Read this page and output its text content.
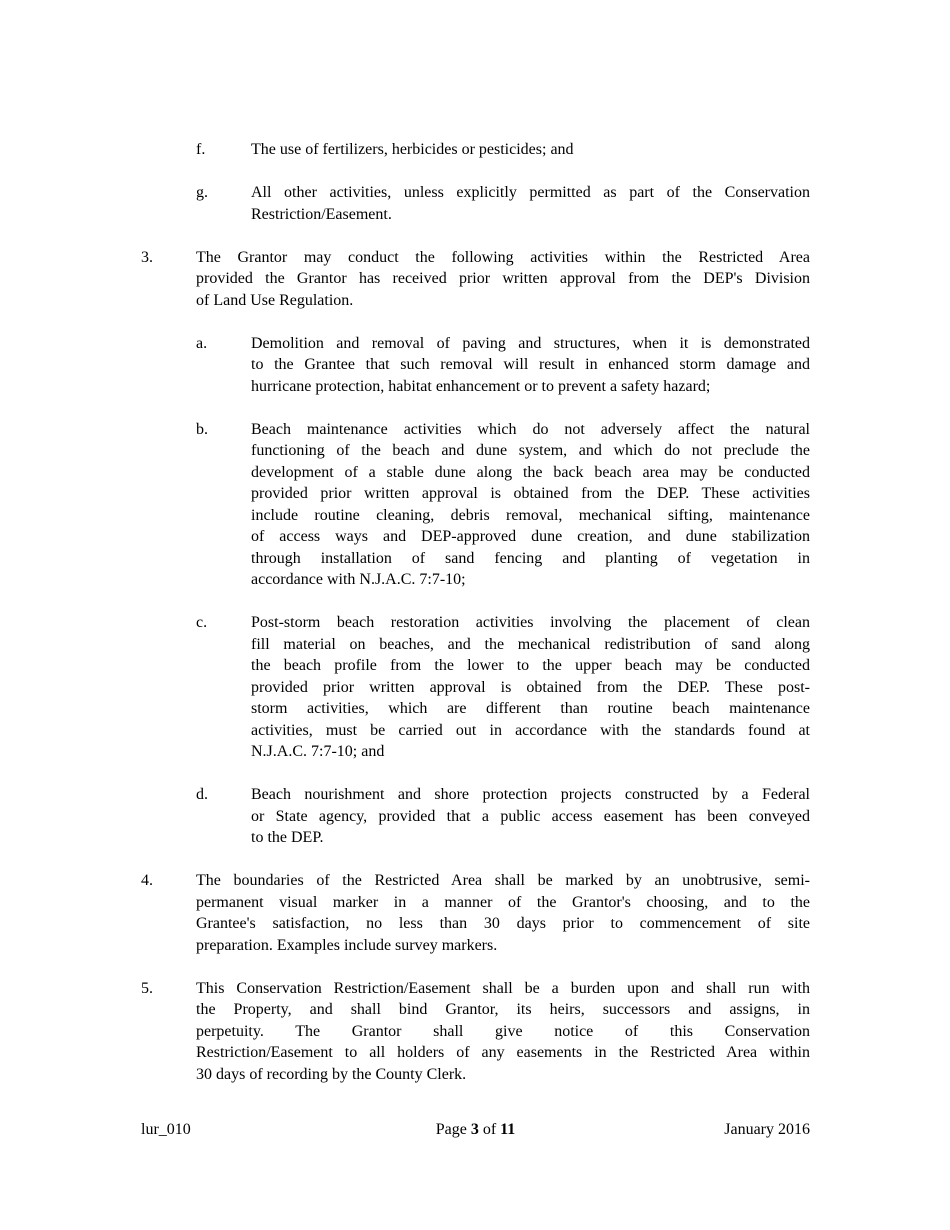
f.	The use of fertilizers, herbicides or pesticides; and
g.	All other activities, unless explicitly permitted as part of the Conservation
Restriction/Easement.
3.	The Grantor may conduct the following activities within the Restricted Area
provided the Grantor has received prior written approval from the DEP's Division
of Land Use Regulation.
a.	Demolition and removal of paving and structures, when it is demonstrated
to the Grantee that such removal will result in enhanced storm damage and
hurricane protection, habitat enhancement or to prevent a safety hazard;
b.	Beach maintenance activities which do not adversely affect the natural
functioning of the beach and dune system, and which do not preclude the
development of a stable dune along the back beach area may be conducted
provided prior written approval is obtained from the DEP. These activities
include routine cleaning, debris removal, mechanical sifting, maintenance
of access ways and DEP-approved dune creation, and dune stabilization
through installation of sand fencing and planting of vegetation in
accordance with N.J.A.C. 7:7-10;
c.	Post-storm beach restoration activities involving the placement of clean
fill material on beaches, and the mechanical redistribution of sand along
the beach profile from the lower to the upper beach may be conducted
provided prior written approval is obtained from the DEP. These post-
storm activities, which are different than routine beach maintenance
activities, must be carried out in accordance with the standards found at
N.J.A.C. 7:7-10; and
d.	Beach nourishment and shore protection projects constructed by a Federal
or State agency, provided that a public access easement has been conveyed
to the DEP.
4.	The boundaries of the Restricted Area shall be marked by an unobtrusive, semi-
permanent visual marker in a manner of the Grantor's choosing, and to the
Grantee's satisfaction, no less than 30 days prior to commencement of site
preparation. Examples include survey markers.
5.	This Conservation Restriction/Easement shall be a burden upon and shall run with
the Property, and shall bind Grantor, its heirs, successors and assigns, in
perpetuity. The Grantor shall give notice of this Conservation
Restriction/Easement to all holders of any easements in the Restricted Area within
30 days of recording by the County Clerk.
lur_010	Page 3 of 11	January 2016
